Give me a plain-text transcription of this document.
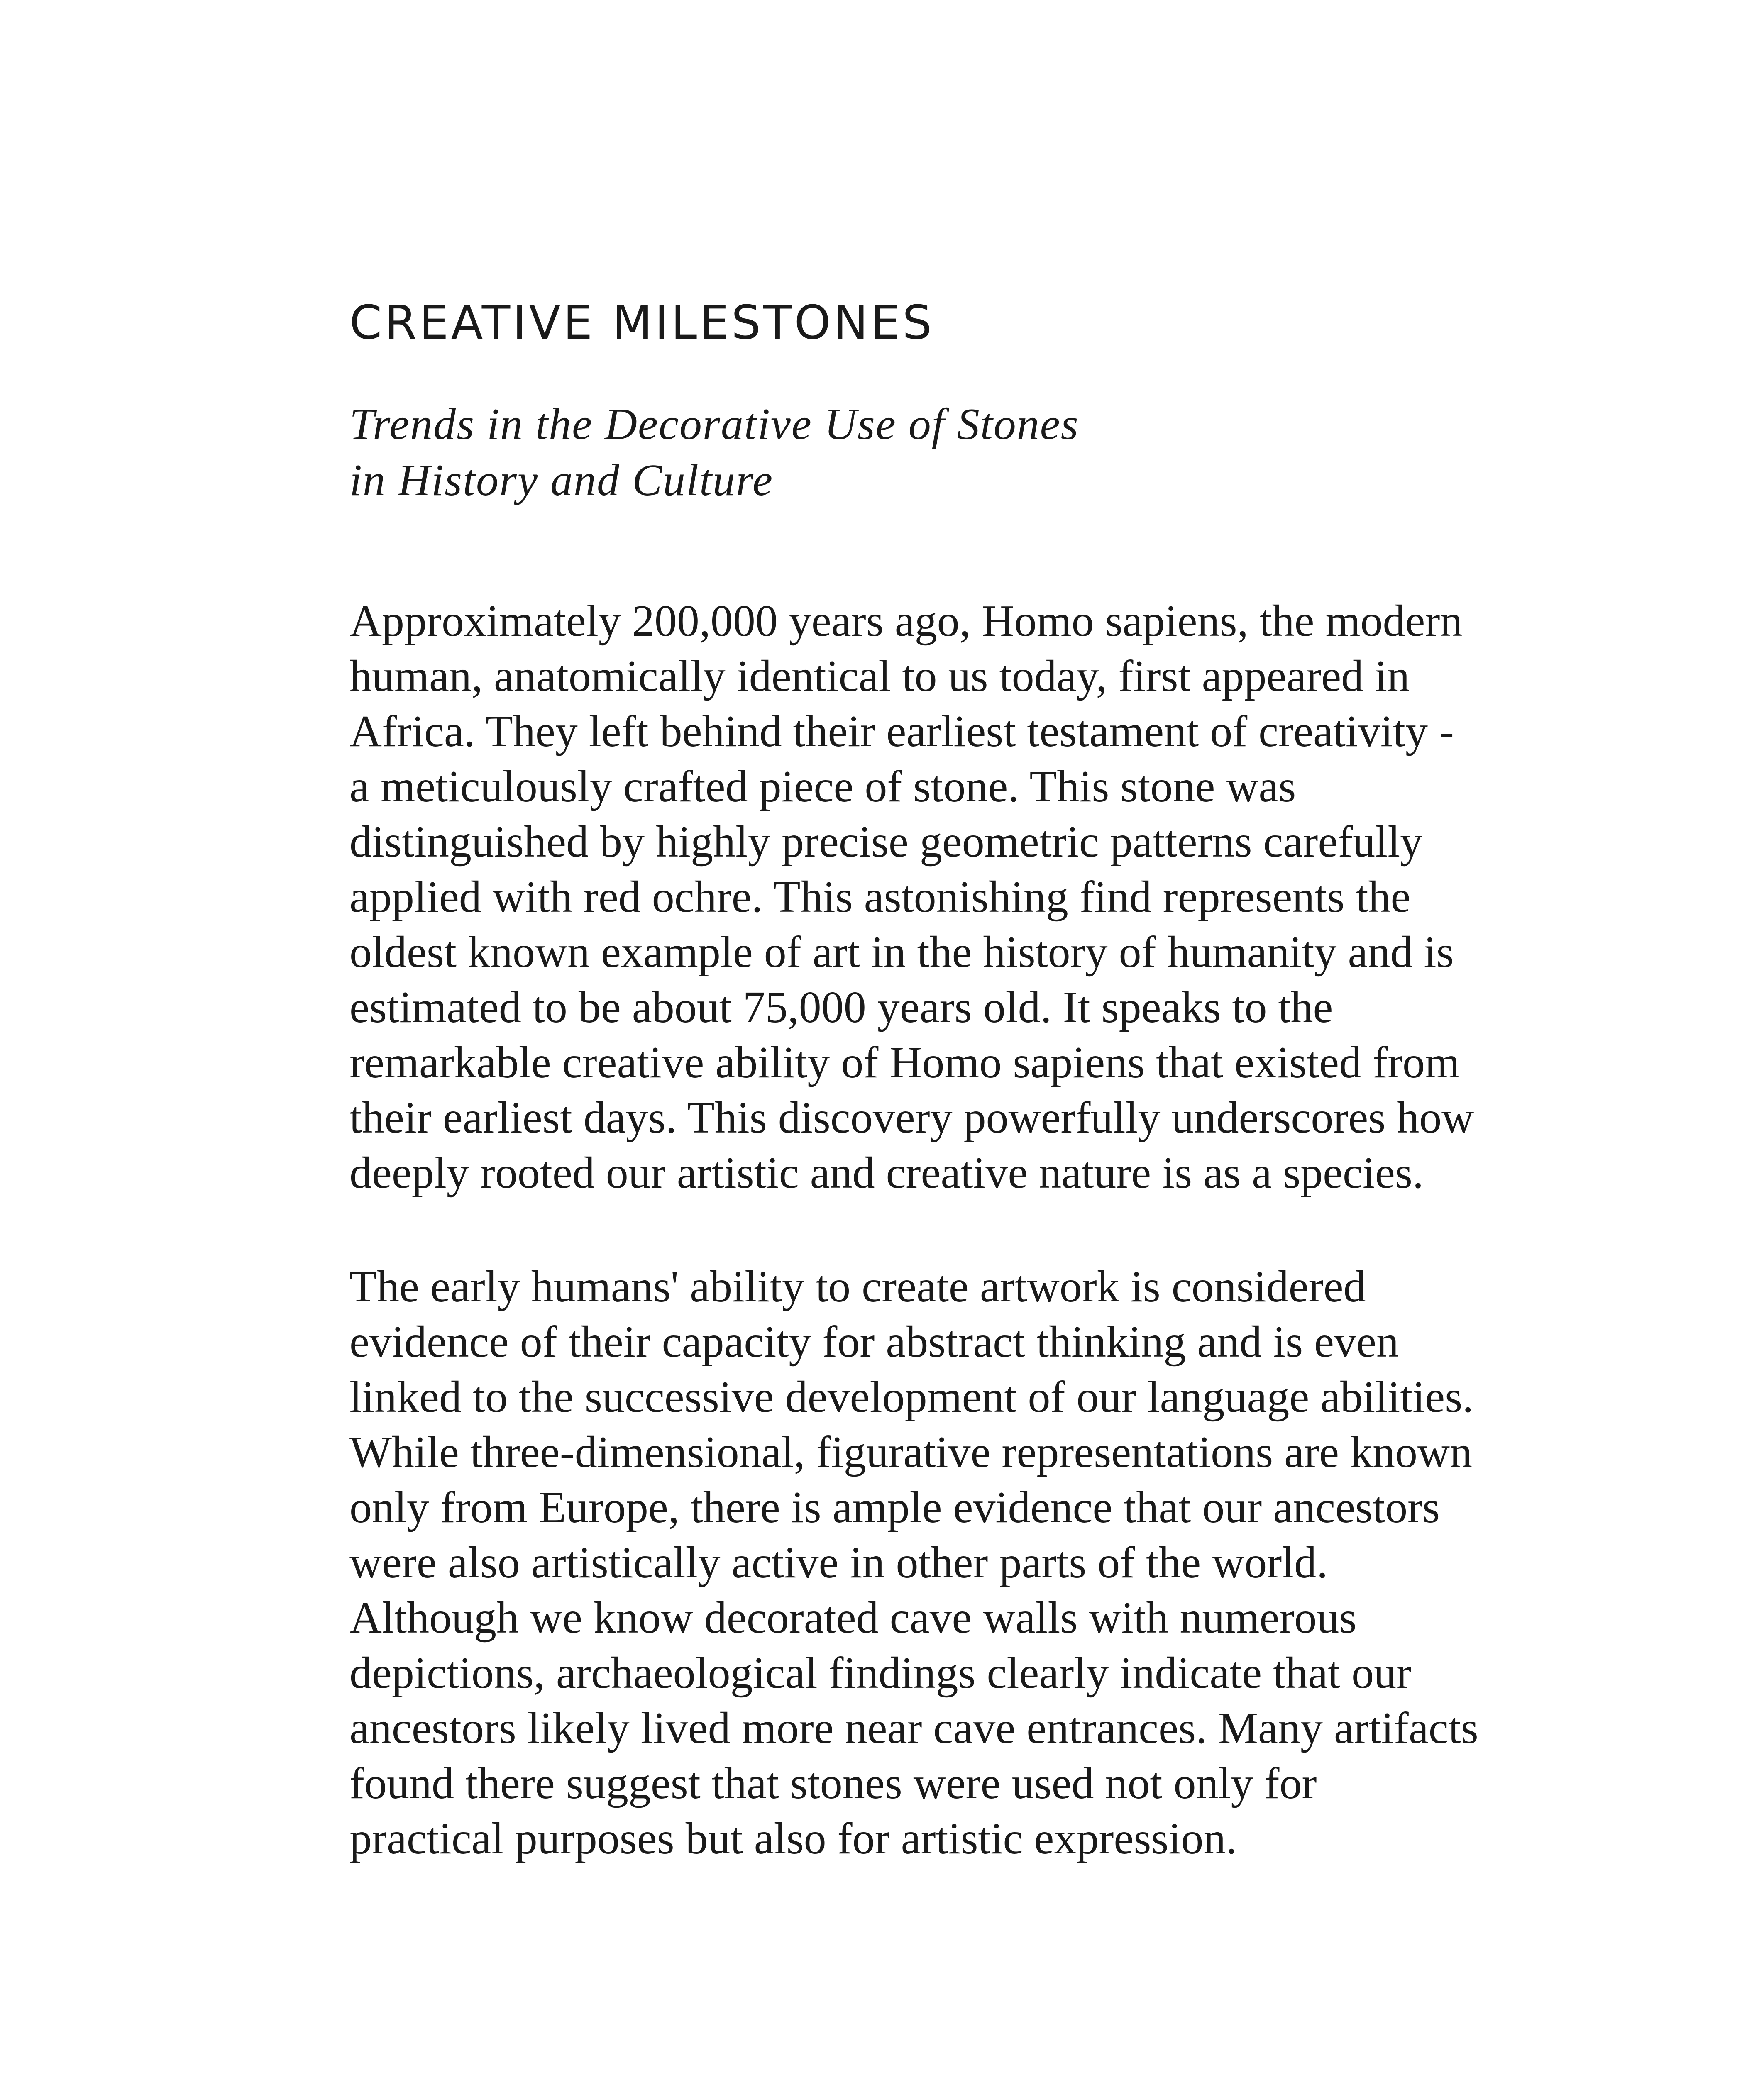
CREATIVE MILESTONES

Trends in the Decorative Use of Stones
in History and Culture

Approximately 200,000 years ago, Homo sapiens, the modern
human, anatomically identical to us today, first appeared in
Africa. They left behind their earliest testament of creativity -
a meticulously crafted piece of stone. This stone was
distinguished by highly precise geometric patterns carefully
applied with red ochre. This astonishing find represents the
oldest known example of art in the history of humanity and is
estimated to be about 75,000 years old. It speaks to the
remarkable creative ability of Homo sapiens that existed from
their earliest days. This discovery powerfully underscores how
deeply rooted our artistic and creative nature is as a species.

The early humans' ability to create artwork is considered
evidence of their capacity for abstract thinking and is even
linked to the successive development of our language abilities.
While three-dimensional, figurative representations are known
only from Europe, there is ample evidence that our ancestors
were also artistically active in other parts of the world.
Although we know decorated cave walls with numerous
depictions, archaeological findings clearly indicate that our
ancestors likely lived more near cave entrances. Many artifacts
found there suggest that stones were used not only for
practical purposes but also for artistic expression.
